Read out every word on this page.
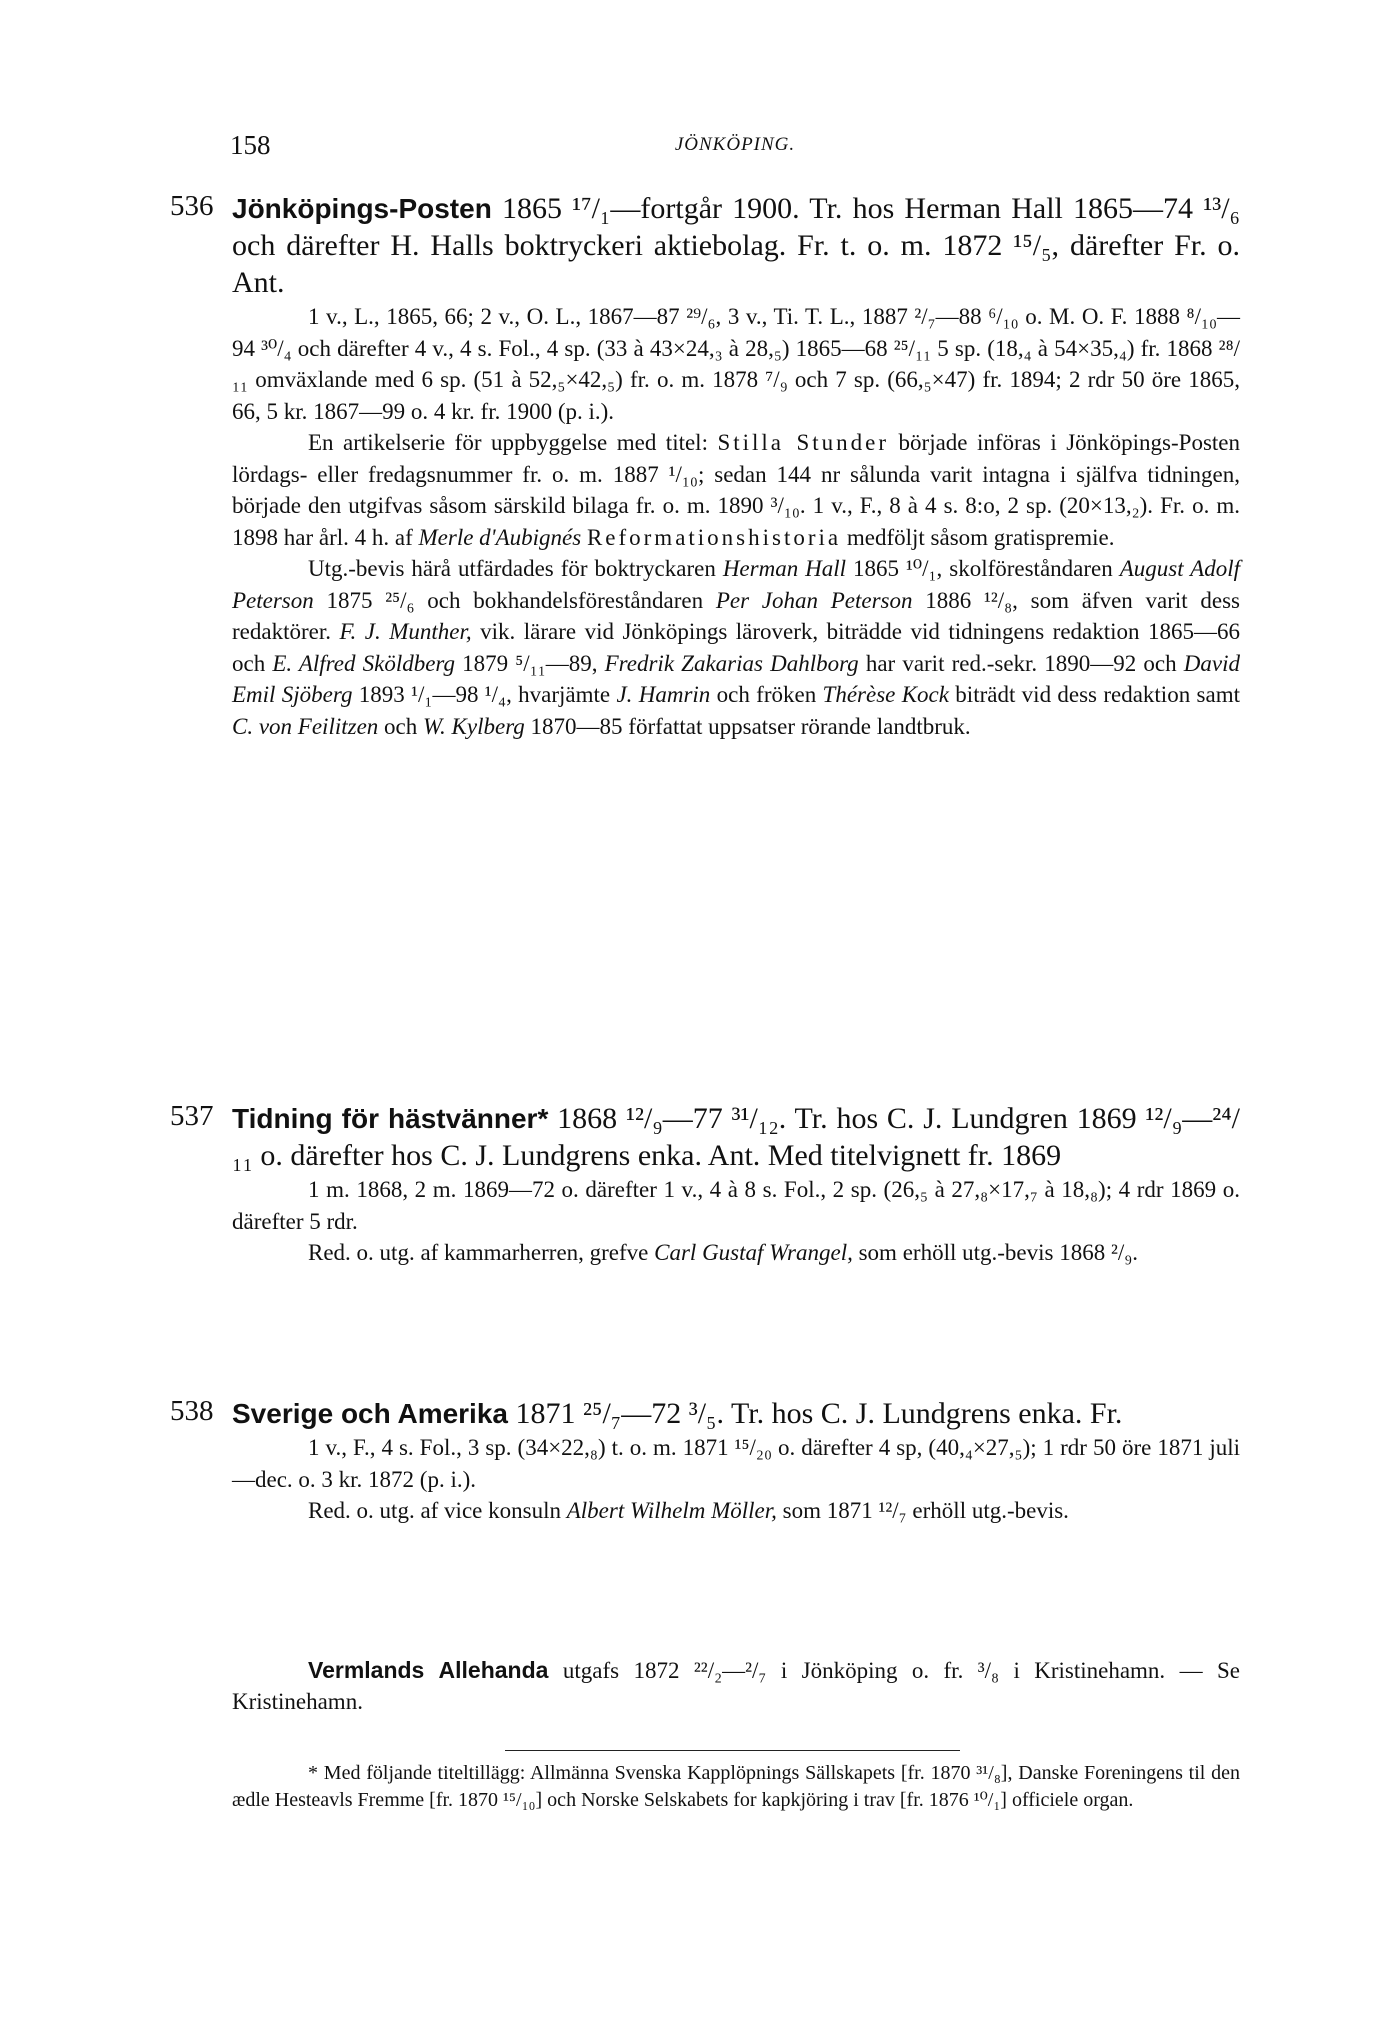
158	JÖNKÖPING.
536 Jönköpings-Posten 1865 ¹⁷/₁—fortgår 1900. Tr. hos Herman Hall 1865—74 ¹³/₆ och därefter H. Halls boktryckeri aktiebolag. Fr. t. o. m. 1872 ¹⁵/₅, därefter Fr. o. Ant.

1 v., L., 1865, 66; 2 v., O. L., 1867—87 ²⁹/₆, 3 v., Ti. T. L., 1887 ²/₇—88 ⁶/₁₀ o. M. O. F. 1888 ⁸/₁₀—94 ³⁰/₄ och därefter 4 v., 4 s. Fol., 4 sp. (33 à 43×24,₃ à 28,₅) 1865—68 ²⁵/₁₁ 5 sp. (18,₄ à 54×35,₄) fr. 1868 ²⁸/₁₁ omväxlande med 6 sp. (51 à 52,₅×42,₅) fr. o. m. 1878 ⁷/₉ och 7 sp. (66,₅×47) fr. 1894; 2 rdr 50 öre 1865, 66, 5 kr. 1867—99 o. 4 kr. fr. 1900 (p. i.).

En artikelserie för uppbyggelse med titel: Stilla Stunder började införas i Jönköpings-Posten lördags- eller fredagsnummer fr. o. m. 1887 ¹/₁₀; sedan 144 nr sålunda varit intagna i själfva tidningen, började den utgifvas såsom särskild bilaga fr. o. m. 1890 ³/₁₀. 1 v., F., 8 à 4 s. 8:o, 2 sp. (20×13,₂). Fr. o. m. 1898 har årl. 4 h. af Merle d'Aubignés Reformationshistoria medföljt såsom gratispremie.

Utg.-bevis härå utfärdades för boktryckaren Herman Hall 1865 ¹⁰/₁, skolföreståndaren August Adolf Peterson 1875 ²⁵/₆ och bokhandelsföreståndaren Per Johan Peterson 1886 ¹²/₈, som äfven varit dess redaktörer. F. J. Munther, vik. lärare vid Jönköpings läroverk, biträdde vid tidningens redaktion 1865—66 och E. Alfred Sköldberg 1879 ⁵/₁₁—89, Fredrik Zakarias Dahlborg har varit red.-sekr. 1890—92 och David Emil Sjöberg 1893 ¹/₁—98 ¹/₄, hvarjämte J. Hamrin och fröken Thérèse Kock biträdt vid dess redaktion samt C. von Feilitzen och W. Kylberg 1870—85 författat uppsatser rörande landtbruk.

537 Tidning för hästvänner* 1868 ¹²/₉—77 ³¹/₁₂. Tr. hos C. J. Lundgren 1869 ¹²/₉—²⁴/₁₁ o. därefter hos C. J. Lundgrens enka. Ant. Med titelvignett fr. 1869

1 m. 1868, 2 m. 1869—72 o. därefter 1 v., 4 à 8 s. Fol., 2 sp. (26,₅ à 27,₈×17,₇ à 18,₈); 4 rdr 1869 o. därefter 5 rdr.

Red. o. utg. af kammarherren, grefve Carl Gustaf Wrangel, som erhöll utg.-bevis 1868 ²/₉.

538 Sverige och Amerika 1871 ²⁵/₇—72 ³/₅. Tr. hos C. J. Lundgrens enka. Fr.

1 v., F., 4 s. Fol., 3 sp. (34×22,₈) t. o. m. 1871 ¹⁵/₂₀ o. därefter 4 sp, (40,₄×27,₅); 1 rdr 50 öre 1871 juli—dec. o. 3 kr. 1872 (p. i.).

Red. o. utg. af vice konsuln Albert Wilhelm Möller, som 1871 ¹²/₇ erhöll utg.-bevis.

Vermlands Allehanda utgafs 1872 ²²/₂—²/₇ i Jönköping o. fr. ³/₈ i Kristinehamn. — Se Kristinehamn.

* Med följande titeltillägg: Allmänna Svenska Kapplöpnings Sällskapets [fr. 1870 ³¹/₈], Danske Foreningens til den ædle Hesteavls Fremme [fr. 1870 ¹⁵/₁₀] och Norske Selskabets for kapkjöring i trav [fr. 1876 ¹⁰/₁] officiele organ.
